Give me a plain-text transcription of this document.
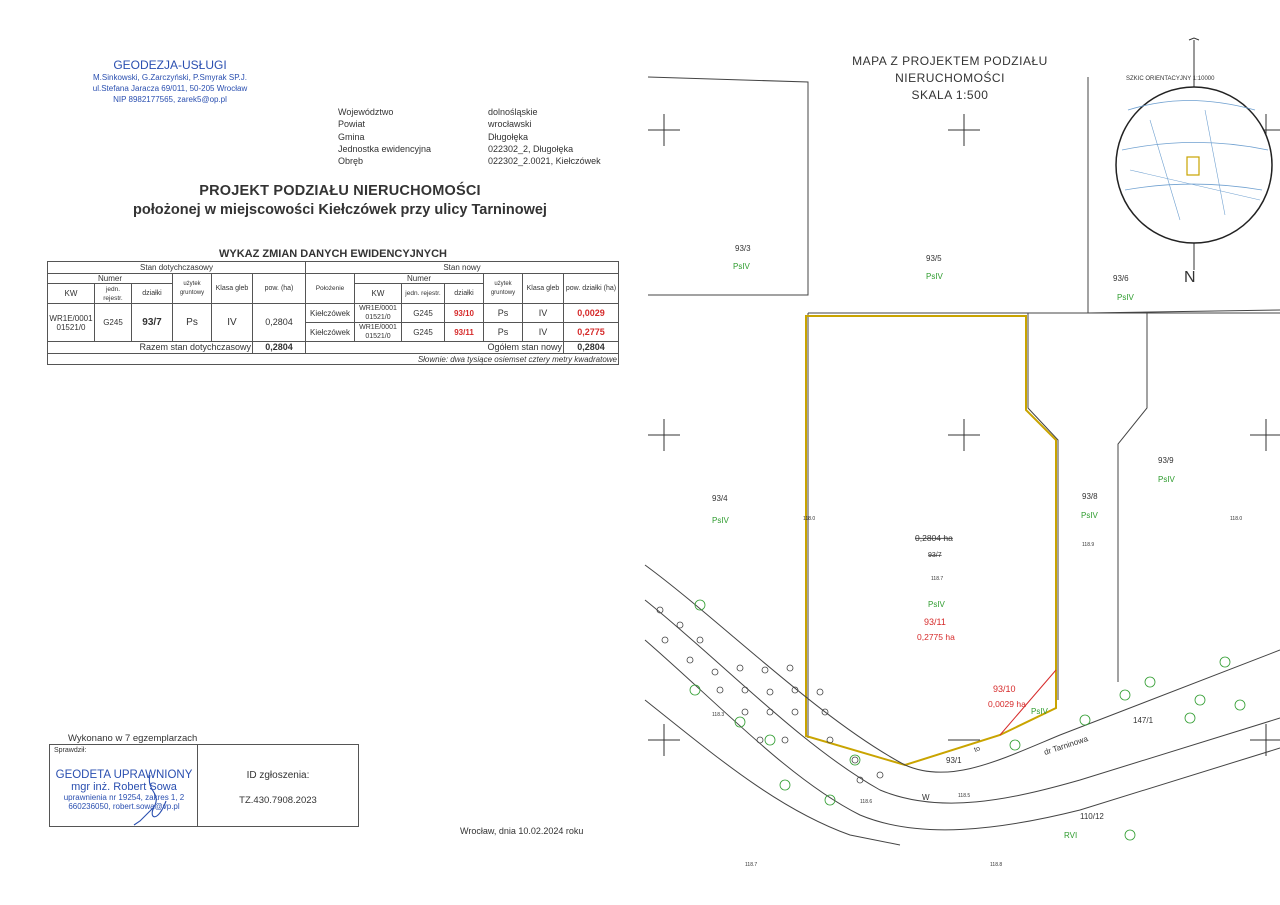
GEODEZJA-USŁUGI
M.Sinkowski, G.Zarczyński, P.Smyrak SP.J.
ul.Stefana Jaracza 69/011, 50-205 Wrocław
NIP 8982177565, zarek5@op.pl
Województwo	dolnośląskie
Powiat	wrocławski
Gmina	Długołęka
Jednostka ewidencyjna	022302_2, Długołęka
Obręb	022302_2.0021, Kiełczówek
PROJEKT PODZIAŁU NIERUCHOMOŚCI
położonej w miejscowości Kiełczówek przy ulicy Tarninowej
WYKAZ ZMIAN DANYCH EWIDENCYJNYCH
Stan dotychczasowy						Stan nowy						
Numer			użytek gruntowy	Klasa gleb	pow. (ha)	Położenie	Numer			użytek gruntowy	Klasa gleb	pow. działki (ha)
KW	jedn. rejestr.	działki					KW	jedn. rejestr.	działki			
WR1E/0001 01521/0	G245	93/7	Ps	IV	0,2804	Kiełczówek	WR1E/0001 01521/0	G245	93/10	Ps	IV	0,0029
						Kiełczówek	WR1E/0001 01521/0	G245	93/11	Ps	IV	0,2775
Razem stan dotychczasowy					0,2804	Ogółem stan nowy						0,2804
Słownie: dwa tysiące osiemset cztery metry kwadratowe												
Wykonano w 7 egzemplarzach
Sprawdził:
GEODETA UPRAWNIONY
mgr inż. Robert Sowa
uprawnienia nr 19254, zakres 1, 2
660236050, robert.sowa@vp.pl
ID zgłoszenia:
TZ.430.7908.2023
Wrocław, dnia 10.02.2024 roku
MAPA Z PROJEKTEM PODZIAŁU NIERUCHOMOŚCI
SKALA 1:500
SZKIC ORIENTACYJNY 1:10000
93/3
93/5
93/6
93/4	93/8
93/9
110/12
147/1
93/1
PsIV
PsIV
PsIV
PsIV
PsIV
PsIV
PsIV
PsIV
RVI
0,2804 ha
93/7
93/11
0,2775 ha
93/10
0,0029 ha
dr Tarninowa
W
to
118.0
118.9
118.7
118.0
118.3
118.5
118.6
118.7	118.8
N
